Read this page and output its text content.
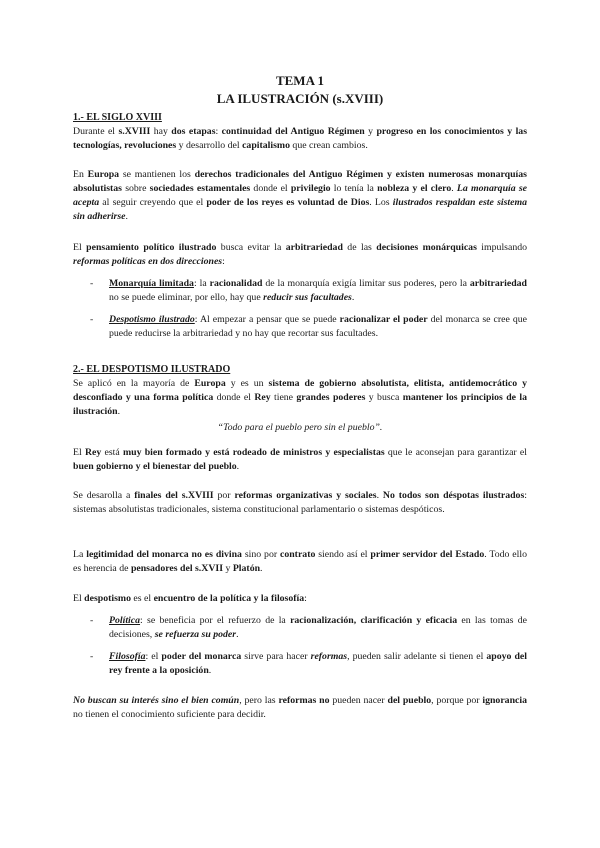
TEMA 1
LA ILUSTRACIÓN (s.XVIII)
1.- EL SIGLO XVIII
Durante el s.XVIII hay dos etapas: continuidad del Antiguo Régimen y progreso en los conocimientos y las tecnologías, revoluciones y desarrollo del capitalismo que crean cambios.
En Europa se mantienen los derechos tradicionales del Antiguo Régimen y existen numerosas monarquías absolutistas sobre sociedades estamentales donde el privilegio lo tenía la nobleza y el clero. La monarquía se acepta al seguir creyendo que el poder de los reyes es voluntad de Dios. Los ilustrados respaldan este sistema sin adherirse.
El pensamiento político ilustrado busca evitar la arbitrariedad de las decisiones monárquicas impulsando reformas políticas en dos direcciones:
- Monarquía limitada: la racionalidad de la monarquía exigía limitar sus poderes, pero la arbitrariedad no se puede eliminar, por ello, hay que reducir sus facultades.
- Despotismo ilustrado: Al empezar a pensar que se puede racionalizar el poder del monarca se cree que puede reducirse la arbitrariedad y no hay que recortar sus facultades.
2.- EL DESPOTISMO ILUSTRADO
Se aplicó en la mayoría de Europa y es un sistema de gobierno absolutista, elitista, antidemocrático y desconfiado y una forma política donde el Rey tiene grandes poderes y busca mantener los principios de la ilustración.
“Todo para el pueblo pero sin el pueblo”.
El Rey está muy bien formado y está rodeado de ministros y especialistas que le aconsejan para garantizar el buen gobierno y el bienestar del pueblo.
Se desarolla a finales del s.XVIII por reformas organizativas y sociales. No todos son déspotas ilustrados: sistemas absolutistas tradicionales, sistema constitucional parlamentario o sistemas despóticos.
La legitimidad del monarca no es divina sino por contrato siendo así el primer servidor del Estado. Todo ello es herencia de pensadores del s.XVII y Platón.
El despotismo es el encuentro de la política y la filosofía:
- Política: se beneficia por el refuerzo de la racionalización, clarificación y eficacia en las tomas de decisiones, se refuerza su poder.
- Filosofía: el poder del monarca sirve para hacer reformas, pueden salir adelante si tienen el apoyo del rey frente a la oposición.
No buscan su interés sino el bien común, pero las reformas no pueden nacer del pueblo, porque por ignorancia no tienen el conocimiento suficiente para decidir.
